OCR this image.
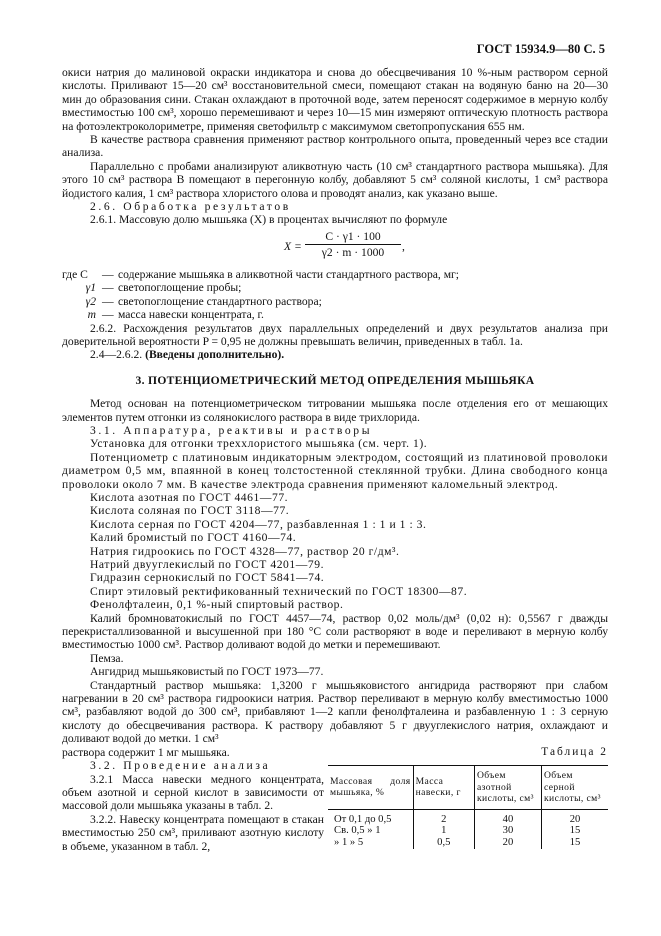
ГОСТ 15934.9—80 С. 5

окиси натрия до малиновой окраски индикатора и снова до обесцвечивания 10 %-ным раствором серной кислоты. Приливают 15—20 см³ восстановительной смеси, помещают стакан на водяную баню на 20—30 мин до образования сини. Стакан охлаждают в проточной воде, затем переносят содержимое в мерную колбу вместимостью 100 см³, хорошо перемешивают и через 10—15 мин измеряют оптическую плотность раствора на фотоэлектроколориметре, применяя светофильтр с максимумом светопропускания 655 нм.

В качестве раствора сравнения применяют раствор контрольного опыта, проведенный через все стадии анализа.

Параллельно с пробами анализируют аликвотную часть (10 см³ стандартного раствора мышьяка). Для этого 10 см³ раствора В помещают в перегонную колбу, добавляют 5 см³ соляной кислоты, 1 см³ раствора йодистого калия, 1 см³ раствора хлористого олова и проводят анализ, как указано выше.

2.6. Обработка результатов

2.6.1. Массовую долю мышьяка (X) в процентах вычисляют по формуле

$X = \frac{C \cdot \gamma 1 \cdot 100}{\gamma 2 \cdot m \cdot 1000}$ ,
где C	— содержание мышьяка в аликвотной части стандартного раствора, мг;
γ1 — светопоглощение пробы;
γ2 — светопоглощение стандартного раствора;
m — масса навески концентрата, г.

2.6.2. Расхождения результатов двух параллельных определений и двух результатов анализа при доверительной вероятности P = 0,95 не должны превышать величин, приведенных в табл. 1а.

2.4—2.6.2. (Введены дополнительно).

3. ПОТЕНЦИОМЕТРИЧЕСКИЙ МЕТОД ОПРЕДЕЛЕНИЯ МЫШЬЯКА

Метод основан на потенциометрическом титровании мышьяка после отделения его от мешающих элементов путем отгонки из солянокислого раствора в виде трихлорида.

3.1. Аппаратура, реактивы и растворы

Установка для отгонки треххлористого мышьяка (см. черт. 1).

Потенциометр с платиновым индикаторным электродом, состоящий из платиновой проволоки диаметром 0,5 мм, впаянной в конец толстостенной стеклянной трубки. Длина свободного конца проволоки около 7 мм. В качестве электрода сравнения применяют каломельный электрод.

Кислота азотная по ГОСТ 4461—77.

Кислота соляная по ГОСТ 3118—77.

Кислота серная по ГОСТ 4204—77, разбавленная 1 : 1 и 1 : 3.

Калий бромистый по ГОСТ 4160—74.

Натрия гидроокись по ГОСТ 4328—77, раствор 20 г/дм³.

Натрий двууглекислый по ГОСТ 4201—79.

Гидразин сернокислый по ГОСТ 5841—74.

Спирт этиловый ректификованный технический по ГОСТ 18300—87.

Фенолфталеин, 0,1 %-ный спиртовый раствор.

Калий бромноватокислый по ГОСТ 4457—74, раствор 0,02 моль/дм³ (0,02 н): 0,5567 г дважды перекристаллизованной и высушенной при 180 °С соли растворяют в воде и переливают в мерную колбу вместимостью 1000 см³. Раствор доливают водой до метки и перемешивают.

Пемза.

Ангидрид мышьяковистый по ГОСТ 1973—77.

Стандартный раствор мышьяка: 1,3200 г мышьяковистого ангидрида растворяют при слабом нагревании в 20 см³ раствора гидроокиси натрия. Раствор переливают в мерную колбу вместимостью 1000 см³, разбавляют водой до 300 см³, прибавляют 1—2 капли фенолфталеина и разбавленную 1 : 3 серную кислоту до обесцвечивания раствора. К раствору добавляют 5 г двууглекислого натрия, охлаждают и доливают водой до метки. 1 см³

раствора содержит 1 мг мышьяка.

3.2. Проведение анализа

3.2.1 Масса навески медного концентрата, объем азотной и серной кислот в зависимости от массовой доли мышьяка указаны в табл. 2.

3.2.2. Навеску концентрата помещают в стакан вместимостью 250 см³, приливают азотную кислоту в объеме, указанном в табл. 2,

Таблица 2
Массовая доля мышьяка, %	Масса навески, г	Объем азотной кислоты, см³	Объем серной кислоты, см³
От 0,1 до 0,5	2	40	20
Св. 0,5 » 1	1	30	15
» 1 » 5	0,5	20	15
